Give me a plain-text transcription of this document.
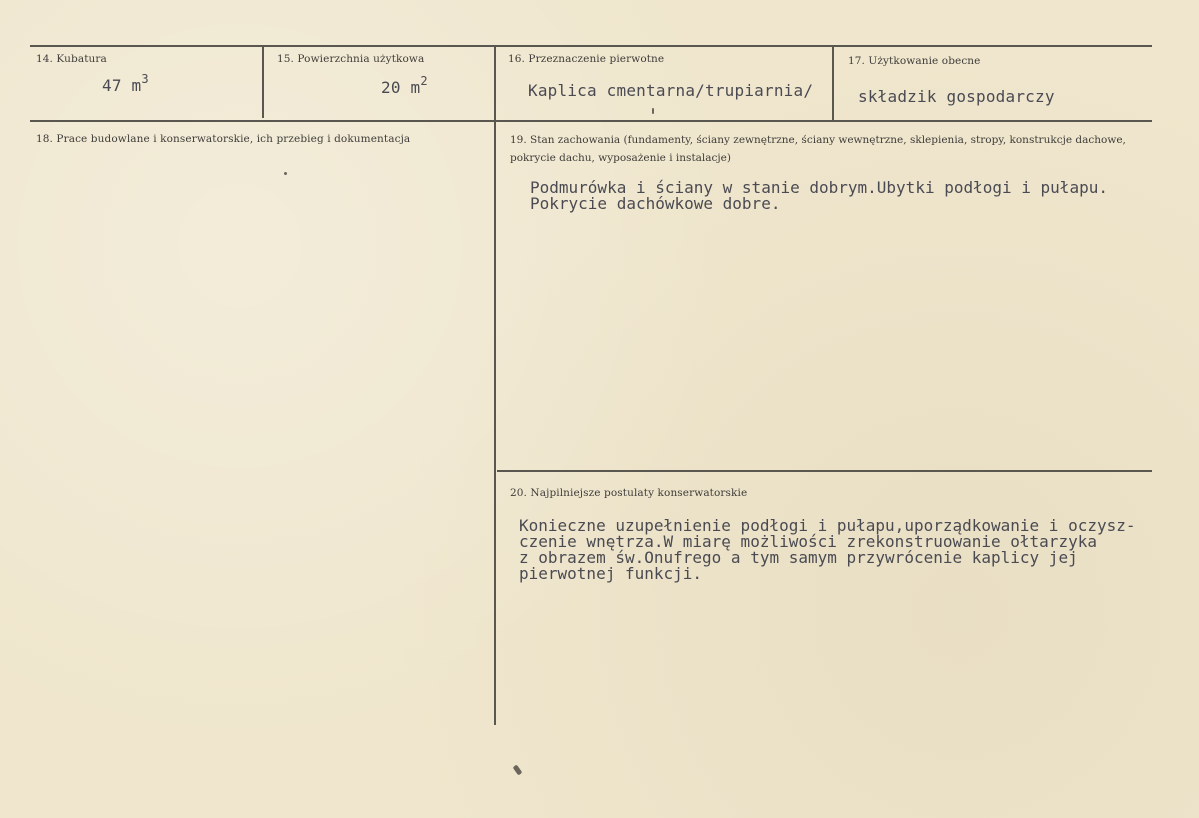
14. Kubatura
47 $m^3$
15. Powierzchnia użytkowa
20 $m^2$
16. Przeznaczenie pierwotne
Kaplica cmentarna/trupiarnia/
17. Użytkowanie obecne
składzik gospodarczy
18. Prace budowlane i konserwatorskie, ich przebieg i dokumentacja	19. Stan zachowania (fundamenty, ściany zewnętrzne, ściany wewnętrzne, sklepienia, stropy, konstrukcje dachowe, pokrycie dachu, wyposażenie i instalacje)
Podmurówka i ściany w stanie dobrym.Ubytki podłogi i pułapu.
Pokrycie dachówkowe dobre.
20. Najpilniejsze postulaty konserwatorskie
Konieczne uzupełnienie podłogi i pułapu,uporządkowanie i oczysz-
czenie wnętrza.W miarę możliwości zrekonstruowanie ołtarzyka
z obrazem św.Onufrego a tym samym przywrócenie kaplicy jej
pierwotnej funkcji.
